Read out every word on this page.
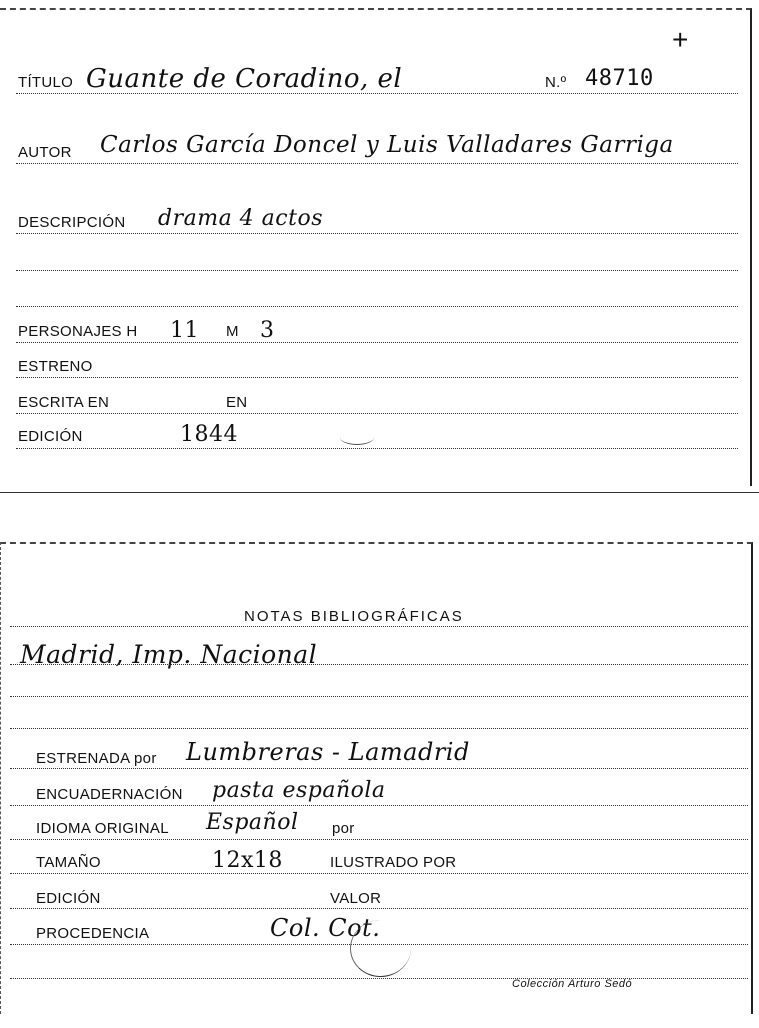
+
TÍTULO Guante de Coradino, el	N.º 48710
AUTOR Carlos García Doncel y Luis Valladares Garriga
DESCRIPCIÓN drama 4 actos
PERSONAJES H 11 M 3
ESTRENO
ESCRITA EN	EN
EDICIÓN	1844
NOTAS BIBLIOGRÁFICAS
Madrid, Imp. Nacional
ESTRENADA por Lumbreras - Lamadrid
ENCUADERNACIÓN pasta española
IDIOMA ORIGINAL Español por
TAMAÑO	12x18	ILUSTRADO POR
EDICIÓN	VALOR
PROCEDENCIA	Col. Cot.
Colección Arturo Sedó
